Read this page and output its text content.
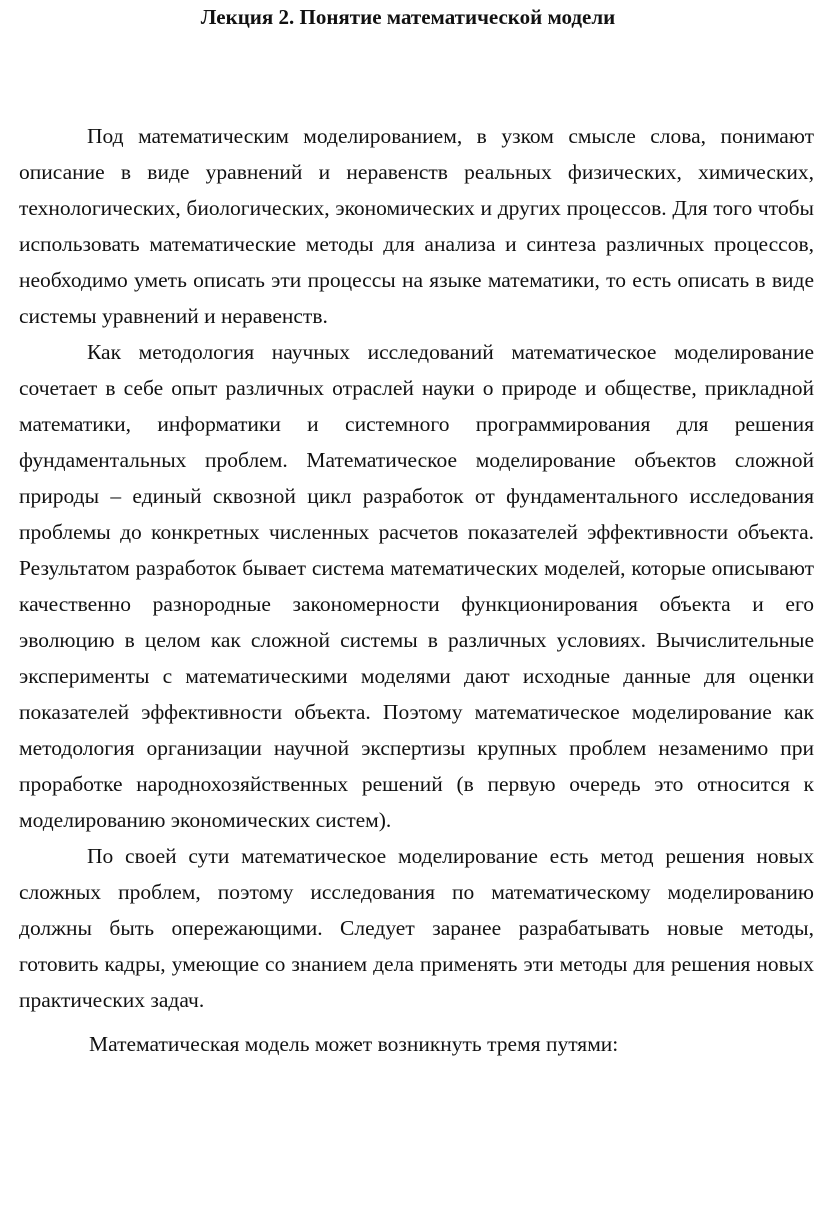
Лекция 2. Понятие математической модели

Под математическим моделированием, в узком смысле слова, понимают описание в виде уравнений и неравенств реальных физических, химических, технологических, биологических, экономических и других процессов. Для того чтобы использовать математические методы для анализа и синтеза различных процессов, необходимо уметь описать эти процессы на языке математики, то есть описать в виде системы уравнений и неравенств.

Как методология научных исследований математическое моделирование сочетает в себе опыт различных отраслей науки о природе и обществе, прикладной математики, информатики и системного программирования для решения фундаментальных проблем. Математическое моделирование объектов сложной природы – единый сквозной цикл разработок от фундаментального исследования проблемы до конкретных численных расчетов показателей эффективности объекта. Результатом разработок бывает система математических моделей, которые описывают качественно разнородные закономерности функционирования объекта и его эволюцию в целом как сложной системы в различных условиях. Вычислительные эксперименты с математическими моделями дают исходные данные для оценки показателей эффективности объекта. Поэтому математическое моделирование как методология организации научной экспертизы крупных проблем незаменимо при проработке народнохозяйственных решений (в первую очередь это относится к моделированию экономических систем).

По своей сути математическое моделирование есть метод решения новых сложных проблем, поэтому исследования по математическому моделированию должны быть опережающими. Следует заранее разрабатывать новые методы, готовить кадры, умеющие со знанием дела применять эти методы для решения новых практических задач.

Математическая модель может возникнуть тремя путями:
